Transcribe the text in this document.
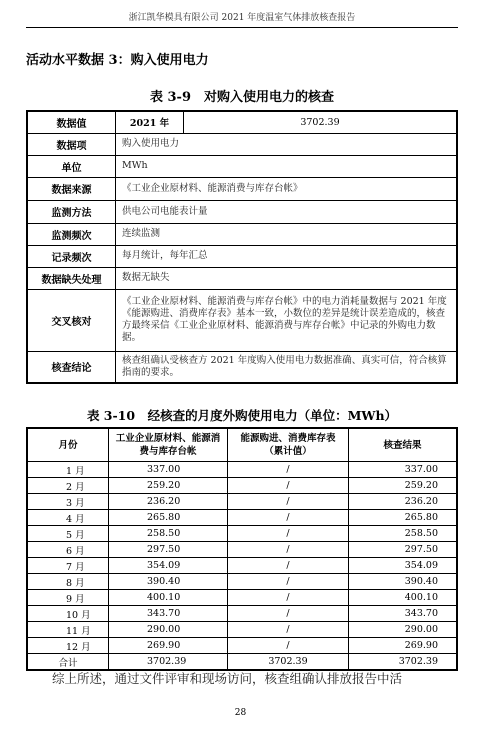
浙江凯华模具有限公司 2021 年度温室气体排放核查报告
活动水平数据 3：购入使用电力
表 3-9　对购入使用电力的核查
数据值	2021 年	3702.39
数据项	购入使用电力	
单位	MWh	
数据来源	《工业企业原材料、能源消费与库存台帐》	
监测方法	供电公司电能表计量	
监测频次	连续监测	
记录频次	每月统计，每年汇总	
数据缺失处理	数据无缺失	
交叉核对	《工业企业原材料、能源消费与库存台帐》中的电力消耗量数据与 2021 年度《能源购进、消费库存表》基本一致，小数位的差异是统计误差造成的，核查方最终采信《工业企业原材料、能源消费与库存台帐》中记录的外购电力数据。	
核查结论	核查组确认受核查方 2021 年度购入使用电力数据准确、真实可信，符合核算指南的要求。	
表 3-10　经核查的月度外购使用电力（单位：MWh）
月份	工业企业原材料、能源消费与库存台帐	能源购进、消费库存表（累计值）	核查结果
1 月	337.00	/	337.00
2 月	259.20	/	259.20
3 月	236.20	/	236.20
4 月	265.80	/	265.80
5 月	258.50	/	258.50
6 月	297.50	/	297.50
7 月	354.09	/	354.09
8 月	390.40	/	390.40
9 月	400.10	/	400.10
10 月	343.70	/	343.70
11 月	290.00	/	290.00
12 月	269.90	/	269.90
合计	3702.39	3702.39	3702.39
综上所述，通过文件评审和现场访问，核查组确认排放报告中活
28
